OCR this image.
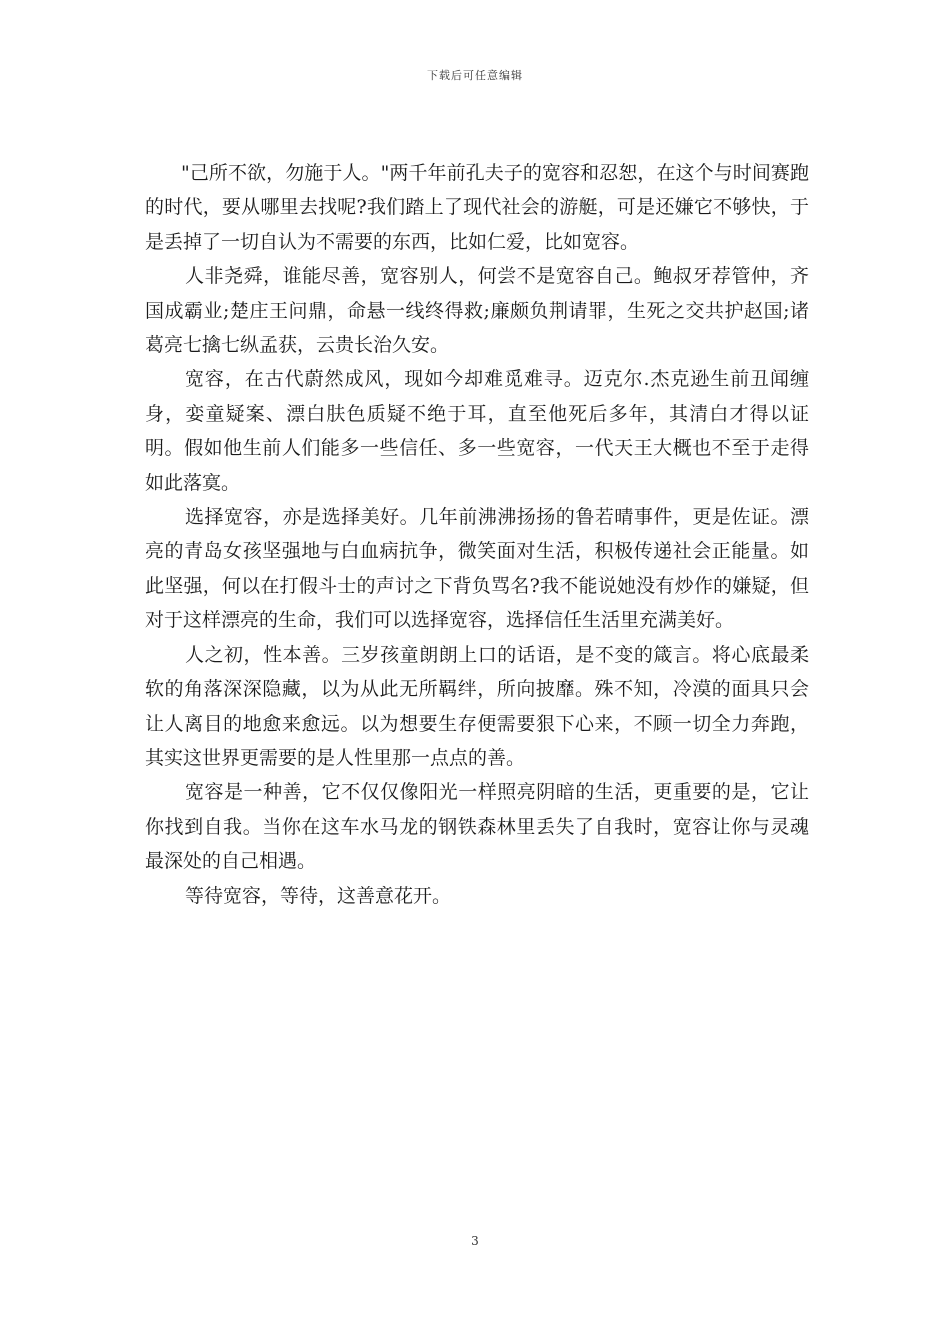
下载后可任意编辑

"己所不欲，勿施于人。"两千年前孔夫子的宽容和忍恕，在这个与时间赛跑的时代，要从哪里去找呢?我们踏上了现代社会的游艇，可是还嫌它不够快，于是丢掉了一切自认为不需要的东西，比如仁爱，比如宽容。

人非尧舜，谁能尽善，宽容别人，何尝不是宽容自己。鲍叔牙荐管仲，齐国成霸业;楚庄王问鼎，命悬一线终得救;廉颇负荆请罪，生死之交共护赵国;诸葛亮七擒七纵孟获，云贵长治久安。

宽容，在古代蔚然成风，现如今却难觅难寻。迈克尔.杰克逊生前丑闻缠身，娈童疑案、漂白肤色质疑不绝于耳，直至他死后多年，其清白才得以证明。假如他生前人们能多一些信任、多一些宽容，一代天王大概也不至于走得如此落寞。

选择宽容，亦是选择美好。几年前沸沸扬扬的鲁若晴事件，更是佐证。漂亮的青岛女孩坚强地与白血病抗争，微笑面对生活，积极传递社会正能量。如此坚强，何以在打假斗士的声讨之下背负骂名?我不能说她没有炒作的嫌疑，但对于这样漂亮的生命，我们可以选择宽容，选择信任生活里充满美好。

人之初，性本善。三岁孩童朗朗上口的话语，是不变的箴言。将心底最柔软的角落深深隐藏，以为从此无所羁绊，所向披靡。殊不知，冷漠的面具只会让人离目的地愈来愈远。以为想要生存便需要狠下心来，不顾一切全力奔跑，其实这世界更需要的是人性里那一点点的善。

宽容是一种善，它不仅仅像阳光一样照亮阴暗的生活，更重要的是，它让你找到自我。当你在这车水马龙的钢铁森林里丢失了自我时，宽容让你与灵魂最深处的自己相遇。

等待宽容，等待，这善意花开。

3
